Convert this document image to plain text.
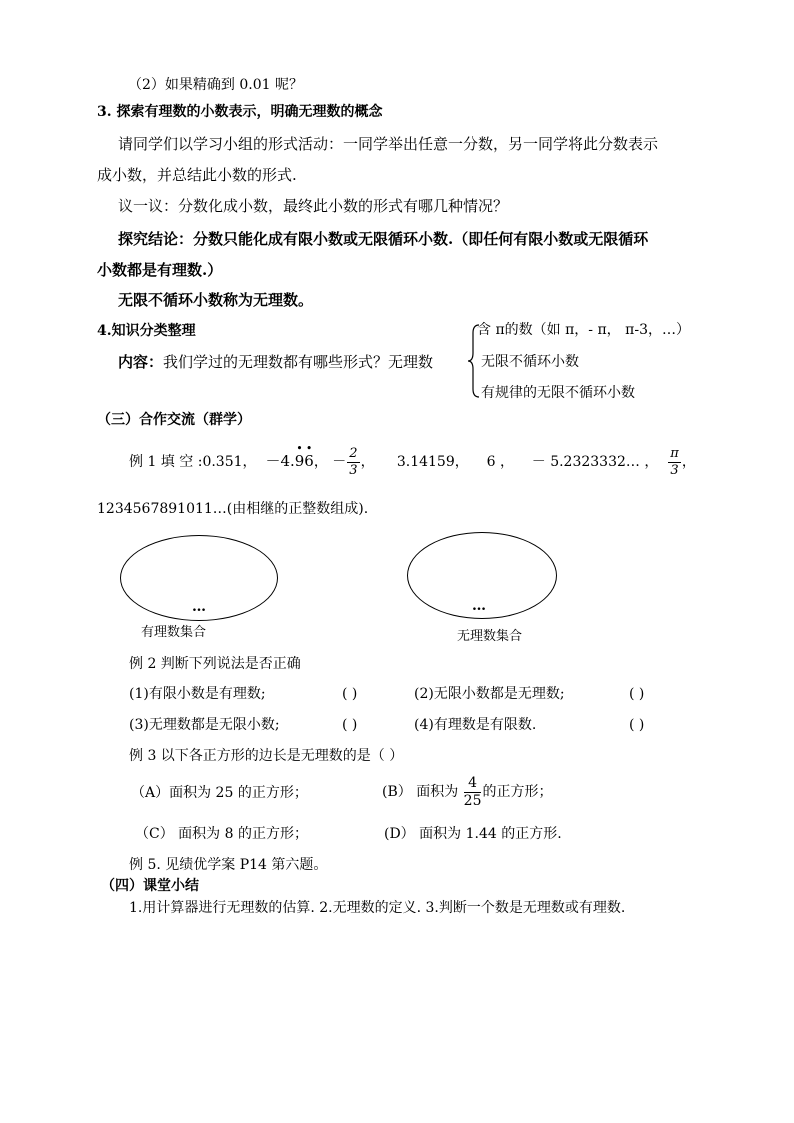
（2）如果精确到 0.01 呢？
3. 探索有理数的小数表示，明确无理数的概念
请同学们以学习小组的形式活动：一同学举出任意一分数，另一同学将此分数表示
成小数，并总结此小数的形式.
议一议：分数化成小数，最终此小数的形式有哪几种情况？
探究结论：分数只能化成有限小数或无限循环小数.（即任何有限小数或无限循环
小数都是有理数.）
无限不循环小数称为无理数。
4.知识分类整理
内容：我们学过的无理数都有哪些形式？无理数
含 π的数（如 π，- π， π-3，…）
无限不循环小数
有规律的无限不循环小数
（三）合作交流（群学）
例 1 填 空 :0.351， －4.• 9• 6， － $\frac{2}{3}$ ， 3.14159， 6 ， － 5.2323332… ， $\frac{\pi}{3}$ ，
1234567891011…(由相继的正整数组成).
…
有理数集合
…
无理数集合
例 2 判断下列说法是否正确
(1)有限小数是有理数;	( )	(2)无限小数都是无理数;	( )
(3)无理数都是无限小数;	( )	(4)有理数是有限数.	( )
例 3 以下各正方形的边长是无理数的是（ ）
（A）面积为 25 的正方形；	(B） 面积为 $\frac{4}{25}$ 的正方形；
（C） 面积为 8 的正方形；	(D） 面积为 1.44 的正方形.
例 5. 见绩优学案 P14 第六题。
（四）课堂小结
1.用计算器进行无理数的估算. 2.无理数的定义. 3.判断一个数是无理数或有理数.
